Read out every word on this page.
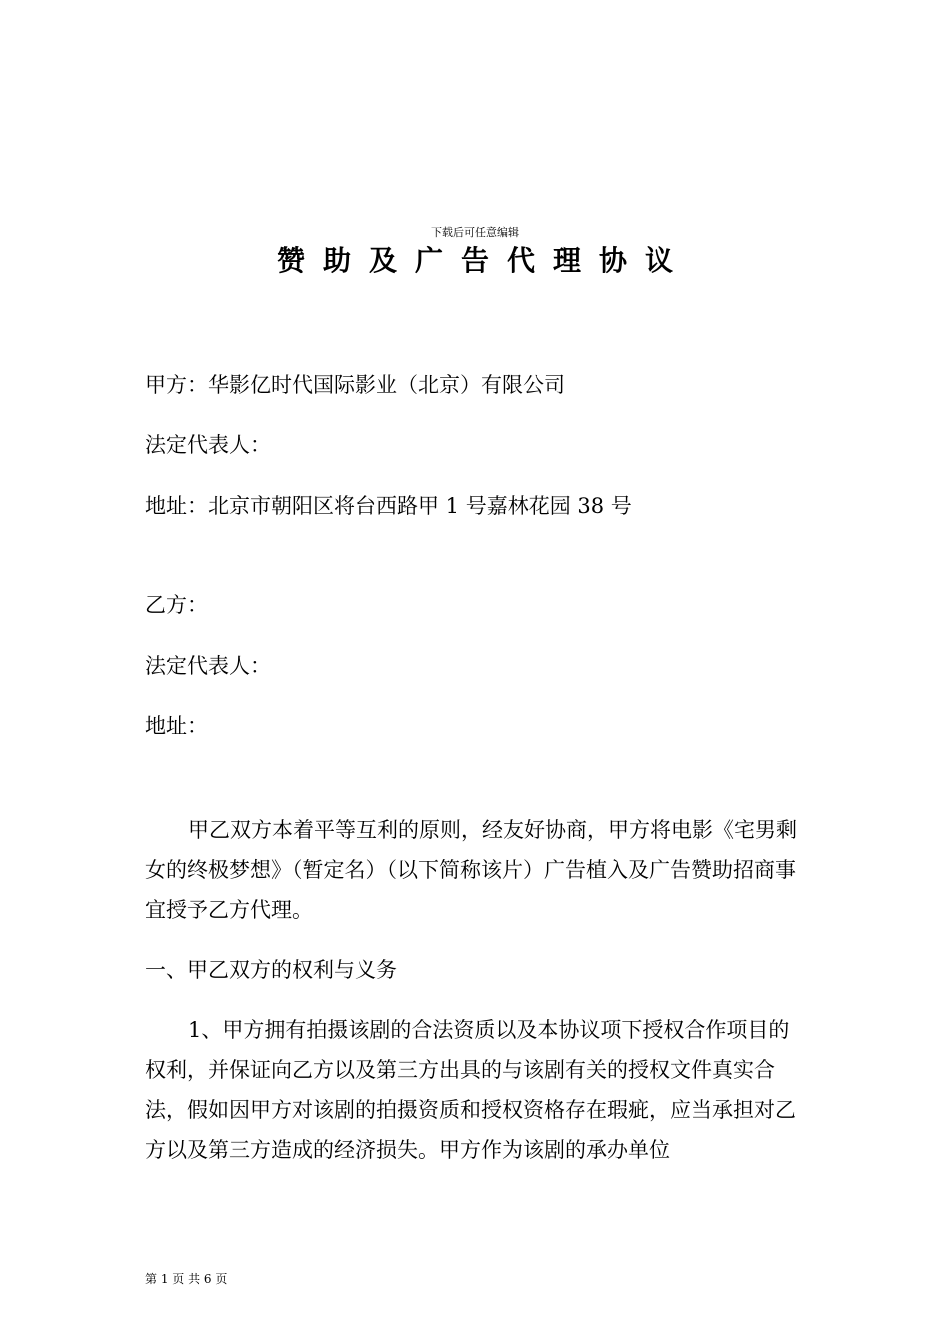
下载后可任意编辑
赞助及广告代理协议
甲方：华影亿时代国际影业（北京）有限公司
法定代表人：
地址：北京市朝阳区将台西路甲 1 号嘉林花园 38 号
乙方：
法定代表人：
地址：
甲乙双方本着平等互利的原则，经友好协商，甲方将电影《宅男剩女的终极梦想》（暂定名）（以下简称该片）广告植入及广告赞助招商事宜授予乙方代理。
一、甲乙双方的权利与义务
1、甲方拥有拍摄该剧的合法资质以及本协议项下授权合作项目的权利，并保证向乙方以及第三方出具的与该剧有关的授权文件真实合法，假如因甲方对该剧的拍摄资质和授权资格存在瑕疵，应当承担对乙方以及第三方造成的经济损失。甲方作为该剧的承办单位
第 1 页 共 6 页
